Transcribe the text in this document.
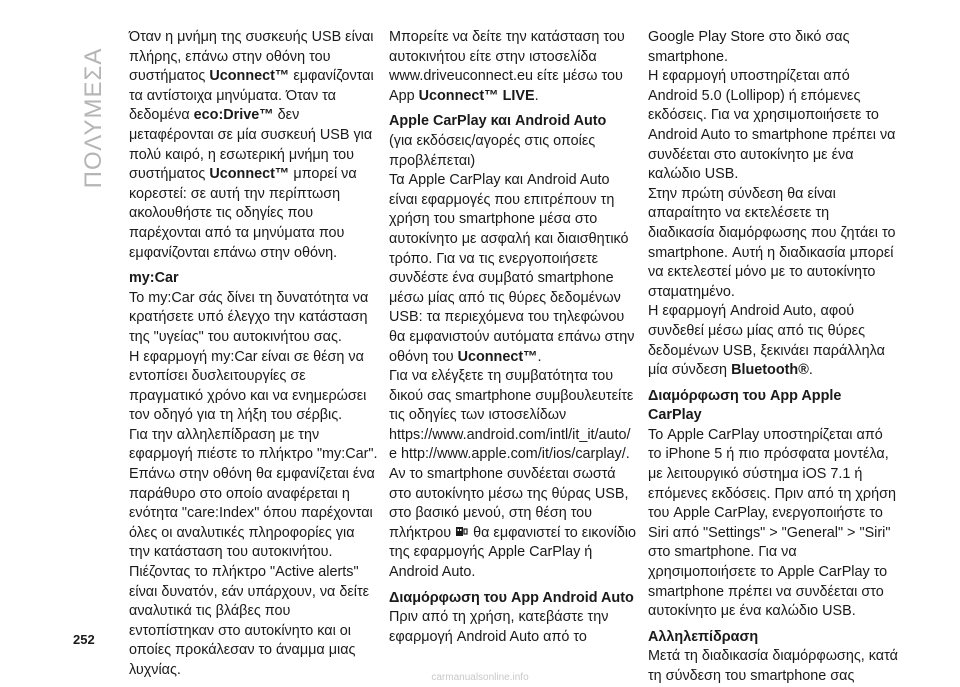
ΠΟΛΥΜΕΣΑ

Όταν η μνήμη της συσκευής USB είναι πλήρης, επάνω στην οθόνη του συστήματος Uconnect™ εμφανίζονται τα αντίστοιχα μηνύματα. Όταν τα δεδομένα eco:Drive™ δεν μεταφέρονται σε μία συσκευή USB για πολύ καιρό, η εσωτερική μνήμη του συστήματος Uconnect™ μπορεί να κορεστεί: σε αυτή την περίπτωση ακολουθήστε τις οδηγίες που παρέχονται από τα μηνύματα που εμφανίζονται επάνω στην οθόνη.

my:Car

Το my:Car σάς δίνει τη δυνατότητα να κρατήσετε υπό έλεγχο την κατάσταση της "υγείας" του αυτοκινήτου σας.

Η εφαρμογή my:Car είναι σε θέση να εντοπίσει δυσλειτουργίες σε πραγματικό χρόνο και να ενημερώσει τον οδηγό για τη λήξη του σέρβις.

Για την αλληλεπίδραση με την εφαρμογή πιέστε το πλήκτρο "my:Car". Επάνω στην οθόνη θα εμφανίζεται ένα παράθυρο στο οποίο αναφέρεται η ενότητα "care:Index" όπου παρέχονται όλες οι αναλυτικές πληροφορίες για την κατάσταση του αυτοκινήτου. Πιέζοντας το πλήκτρο "Active alerts" είναι δυνατόν, εάν υπάρχουν, να δείτε αναλυτικά τις βλάβες που εντοπίστηκαν στο αυτοκίνητο και οι οποίες προκάλεσαν το άναμμα μιας λυχνίας.

Μπορείτε να δείτε την κατάσταση του αυτοκινήτου είτε στην ιστοσελίδα www.driveuconnect.eu είτε μέσω του App Uconnect™ LIVE.

Apple CarPlay και Android Auto

(για εκδόσεις/αγορές στις οποίες προβλέπεται)

Τα Apple CarPlay και Android Auto είναι εφαρμογές που επιτρέπουν τη χρήση του smartphone μέσα στο αυτοκίνητο με ασφαλή και διαισθητικό τρόπο. Για να τις ενεργοποιήσετε συνδέστε ένα συμβατό smartphone μέσω μίας από τις θύρες δεδομένων USB: τα περιεχόμενα του τηλεφώνου θα εμφανιστούν αυτόματα επάνω στην οθόνη του Uconnect™.

Για να ελέγξετε τη συμβατότητα του δικού σας smartphone συμβουλευτείτε τις οδηγίες των ιστοσελίδων https://www.android.com/intl/it_it/auto/ e http://www.apple.com/it/ios/carplay/.

Αν το smartphone συνδέεται σωστά στο αυτοκίνητο μέσω της θύρας USB, στο βασικό μενού, στη θέση του πλήκτρου  θα εμφανιστεί το εικονίδιο της εφαρμογής Apple CarPlay ή Android Auto.

Διαμόρφωση του App Android Auto

Πριν από τη χρήση, κατεβάστε την εφαρμογή Android Auto από το

Google Play Store στο δικό σας smartphone.

Η εφαρμογή υποστηρίζεται από Android 5.0 (Lollipop) ή επόμενες εκδόσεις. Για να χρησιμοποιήσετε το Android Auto το smartphone πρέπει να συνδέεται στο αυτοκίνητο με ένα καλώδιο USB.

Στην πρώτη σύνδεση θα είναι απαραίτητο να εκτελέσετε τη διαδικασία διαμόρφωσης που ζητάει το smartphone. Αυτή η διαδικασία μπορεί να εκτελεστεί μόνο με το αυτοκίνητο σταματημένο.

Η εφαρμογή Android Auto, αφού συνδεθεί μέσω μίας από τις θύρες δεδομένων USB, ξεκινάει παράλληλα μία σύνδεση Bluetooth®.

Διαμόρφωση του App Apple CarPlay

Το Apple CarPlay υποστηρίζεται από το iPhone 5 ή πιο πρόσφατα μοντέλα, με λειτουργικό σύστημα iOS 7.1 ή επόμενες εκδόσεις. Πριν από τη χρήση του Apple CarPlay, ενεργοποιήστε το Siri από "Settings" > "General" > "Siri" στο smartphone. Για να χρησιμοποιήσετε το Apple CarPlay το smartphone πρέπει να συνδέεται στο αυτοκίνητο με ένα καλώδιο USB.

Αλληλεπίδραση

Μετά τη διαδικασία διαμόρφωσης, κατά τη σύνδεση του smartphone σας

252
carmanualsonline.info
